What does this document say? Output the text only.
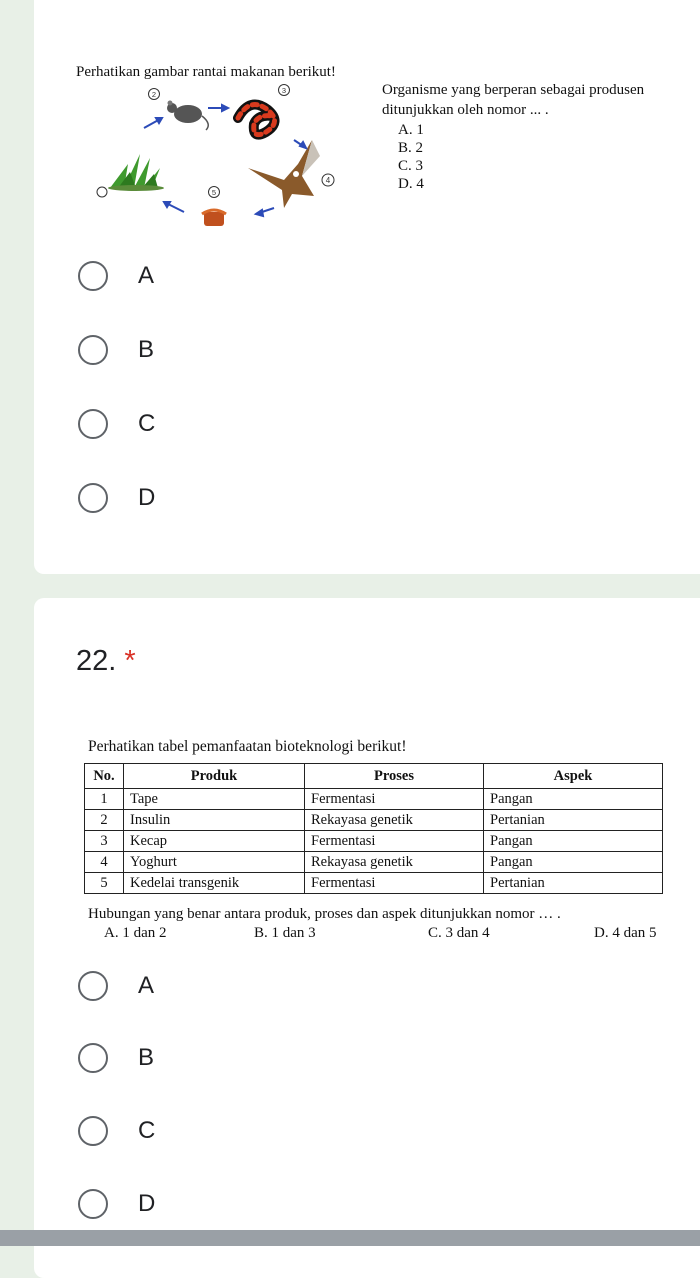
Perhatikan gambar rantai makanan berikut!
2	3
4
5
Organisme yang berperan sebagai produsen
ditunjukkan oleh nomor ... .
A. 1
B. 2
C. 3
D. 4
A
B
C
D
22. *
Perhatikan tabel pemanfaatan bioteknologi berikut!
No.	Produk	Proses	Aspek
1	Tape	Fermentasi	Pangan
2	Insulin	Rekayasa genetik	Pertanian
3	Kecap	Fermentasi	Pangan
4	Yoghurt	Rekayasa genetik	Pangan
5	Kedelai transgenik	Fermentasi	Pertanian
Hubungan yang benar antara produk, proses dan aspek ditunjukkan nomor … .
A. 1 dan 2	B. 1 dan 3	C. 3 dan 4	D. 4 dan 5
A
B
C
D
